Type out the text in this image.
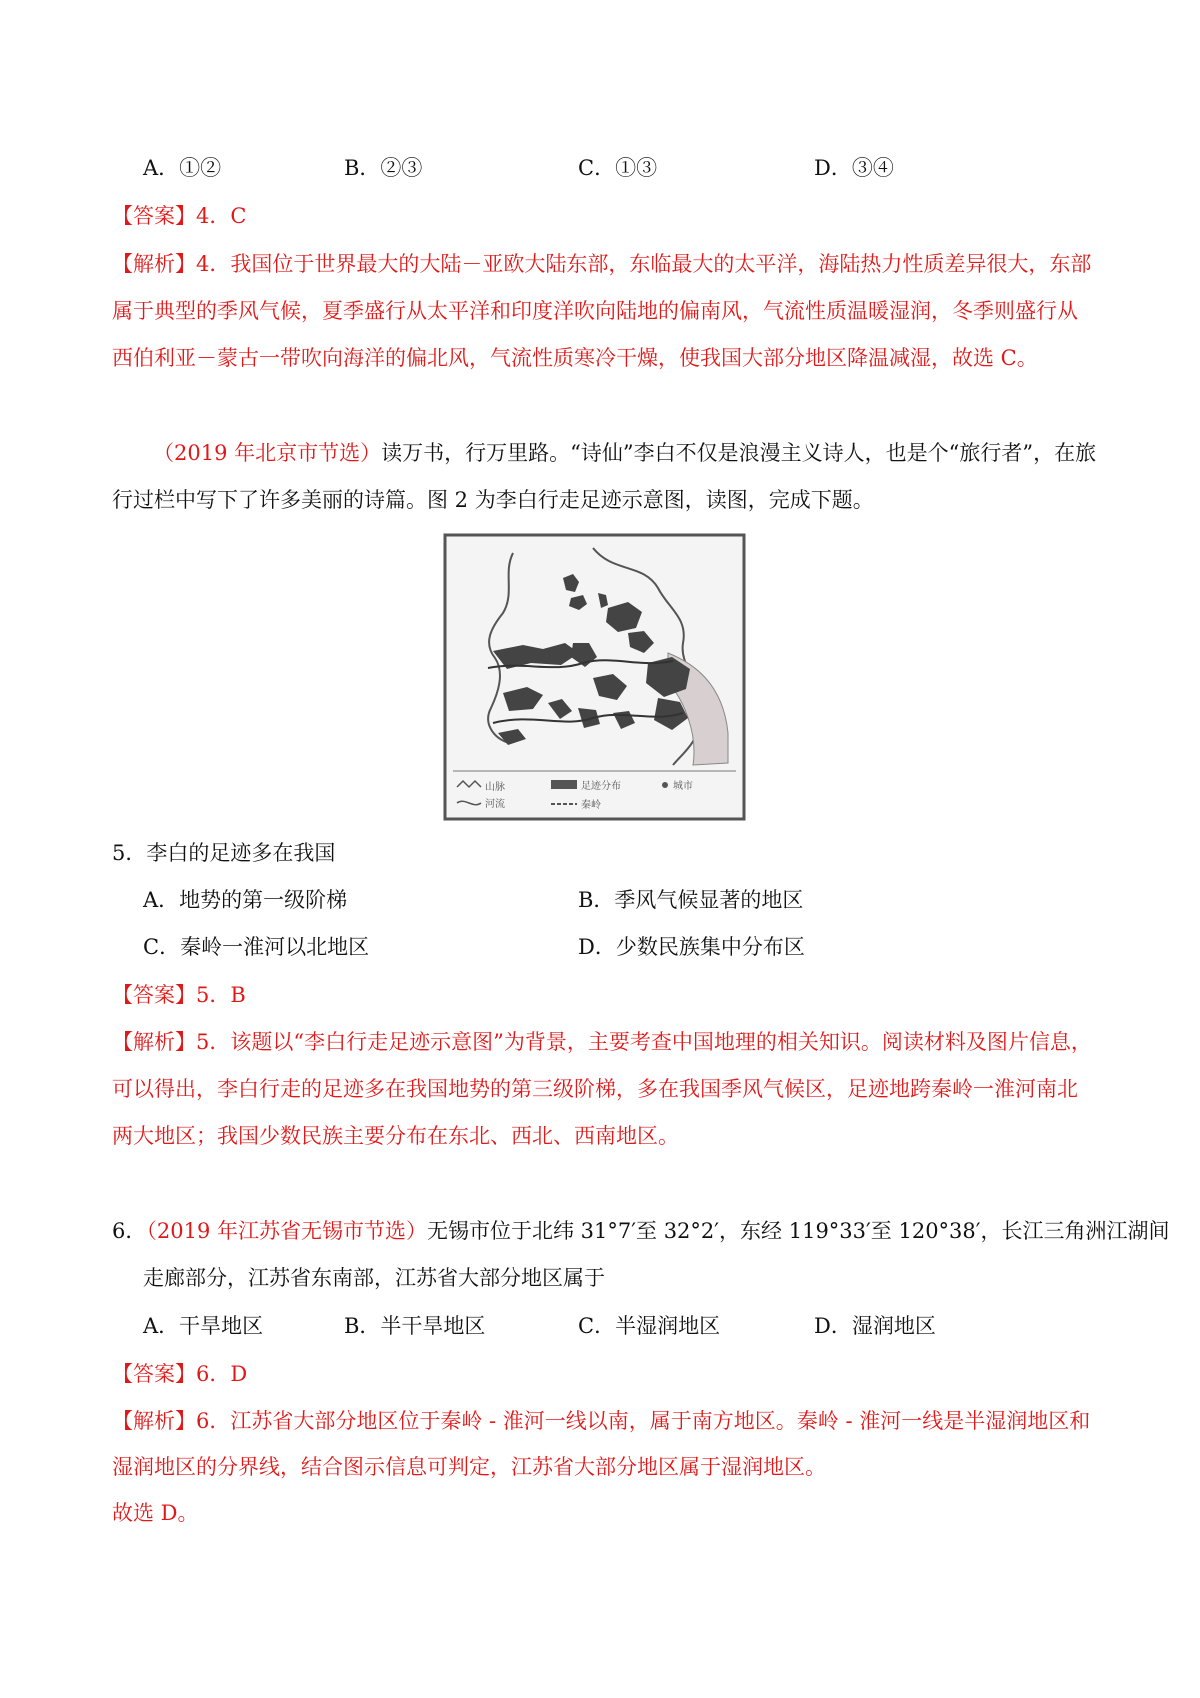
A．①②	B．②③	C．①③	D．③④
【答案】4．C
【解析】4．我国位于世界最大的大陆－亚欧大陆东部，东临最大的太平洋，海陆热力性质差异很大，东部
属于典型的季风气候，夏季盛行从太平洋和印度洋吹向陆地的偏南风，气流性质温暖湿润，冬季则盛行从
西伯利亚－蒙古一带吹向海洋的偏北风，气流性质寒冷干燥，使我国大部分地区降温减湿，故选 C。
（2019 年北京市节选）读万书，行万里路。“诗仙”李白不仅是浪漫主义诗人，也是个“旅行者”，在旅
行过栏中写下了许多美丽的诗篇。图 2 为李白行走足迹示意图，读图，完成下题。
山脉
河流
足迹分布
秦岭
城市
5．李白的足迹多在我国
A．地势的第一级阶梯	B．季风气候显著的地区
C．秦岭一淮河以北地区	D．少数民族集中分布区
【答案】5．B
【解析】5．该题以“李白行走足迹示意图”为背景，主要考查中国地理的相关知识。阅读材料及图片信息，
可以得出，李白行走的足迹多在我国地势的第三级阶梯，多在我国季风气候区，足迹地跨秦岭一淮河南北
两大地区；我国少数民族主要分布在东北、西北、西南地区。
6．（2019 年江苏省无锡市节选）无锡市位于北纬 31°7′至 32°2′，东经 119°33′至 120°38′，长江三角洲江湖间
走廊部分，江苏省东南部，江苏省大部分地区属于
A．干旱地区	B．半干旱地区	C．半湿润地区	D．湿润地区
【答案】6．D
【解析】6．江苏省大部分地区位于秦岭 - 淮河一线以南，属于南方地区。秦岭 - 淮河一线是半湿润地区和
湿润地区的分界线，结合图示信息可判定，江苏省大部分地区属于湿润地区。
故选 D。
